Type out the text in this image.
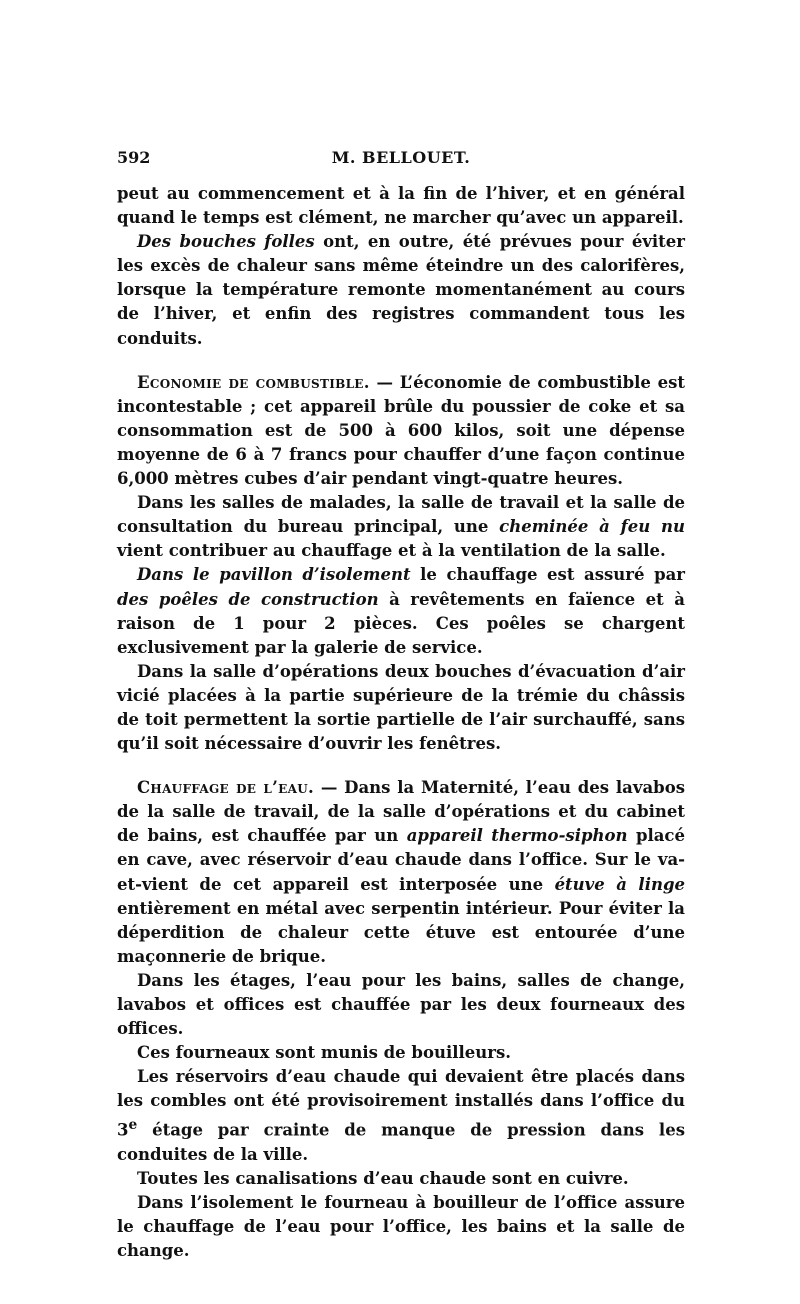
592	M. BELLOUET.

peut au commencement et à la fin de l’hiver, et en général quand le temps est clément, ne marcher qu’avec un appareil.

Des bouches folles ont, en outre, été prévues pour éviter les excès de chaleur sans même éteindre un des calorifères, lorsque la température remonte momentanément au cours de l’hiver, et enfin des registres commandent tous les conduits.

Economie de combustible. — L’économie de combustible est incontestable ; cet appareil brûle du poussier de coke et sa consommation est de 500 à 600 kilos, soit une dépense moyenne de 6 à 7 francs pour chauffer d’une façon continue 6,000 mètres cubes d’air pendant vingt-quatre heures.

Dans les salles de malades, la salle de travail et la salle de consultation du bureau principal, une cheminée à feu nu vient contribuer au chauffage et à la ventilation de la salle.

Dans le pavillon d’isolement le chauffage est assuré par des poêles de construction à revêtements en faïence et à raison de 1 pour 2 pièces. Ces poêles se chargent exclusivement par la galerie de service.

Dans la salle d’opérations deux bouches d’évacuation d’air vicié placées à la partie supérieure de la trémie du châssis de toit permettent la sortie partielle de l’air surchauffé, sans qu’il soit nécessaire d’ouvrir les fenêtres.

Chauffage de l’eau. — Dans la Maternité, l’eau des lavabos de la salle de travail, de la salle d’opérations et du cabinet de bains, est chauffée par un appareil thermo-siphon placé en cave, avec réservoir d’eau chaude dans l’office. Sur le va-et-vient de cet appareil est interposée une étuve à linge entièrement en métal avec serpentin intérieur. Pour éviter la déperdition de chaleur cette étuve est entourée d’une maçonnerie de brique.

Dans les étages, l’eau pour les bains, salles de change, lavabos et offices est chauffée par les deux fourneaux des offices.

Ces fourneaux sont munis de bouilleurs.

Les réservoirs d’eau chaude qui devaient être placés dans les combles ont été provisoirement installés dans l’office du 3e étage par crainte de manque de pression dans les conduites de la ville.

Toutes les canalisations d’eau chaude sont en cuivre.

Dans l’isolement le fourneau à bouilleur de l’office assure le chauffage de l’eau pour l’office, les bains et la salle de change.
